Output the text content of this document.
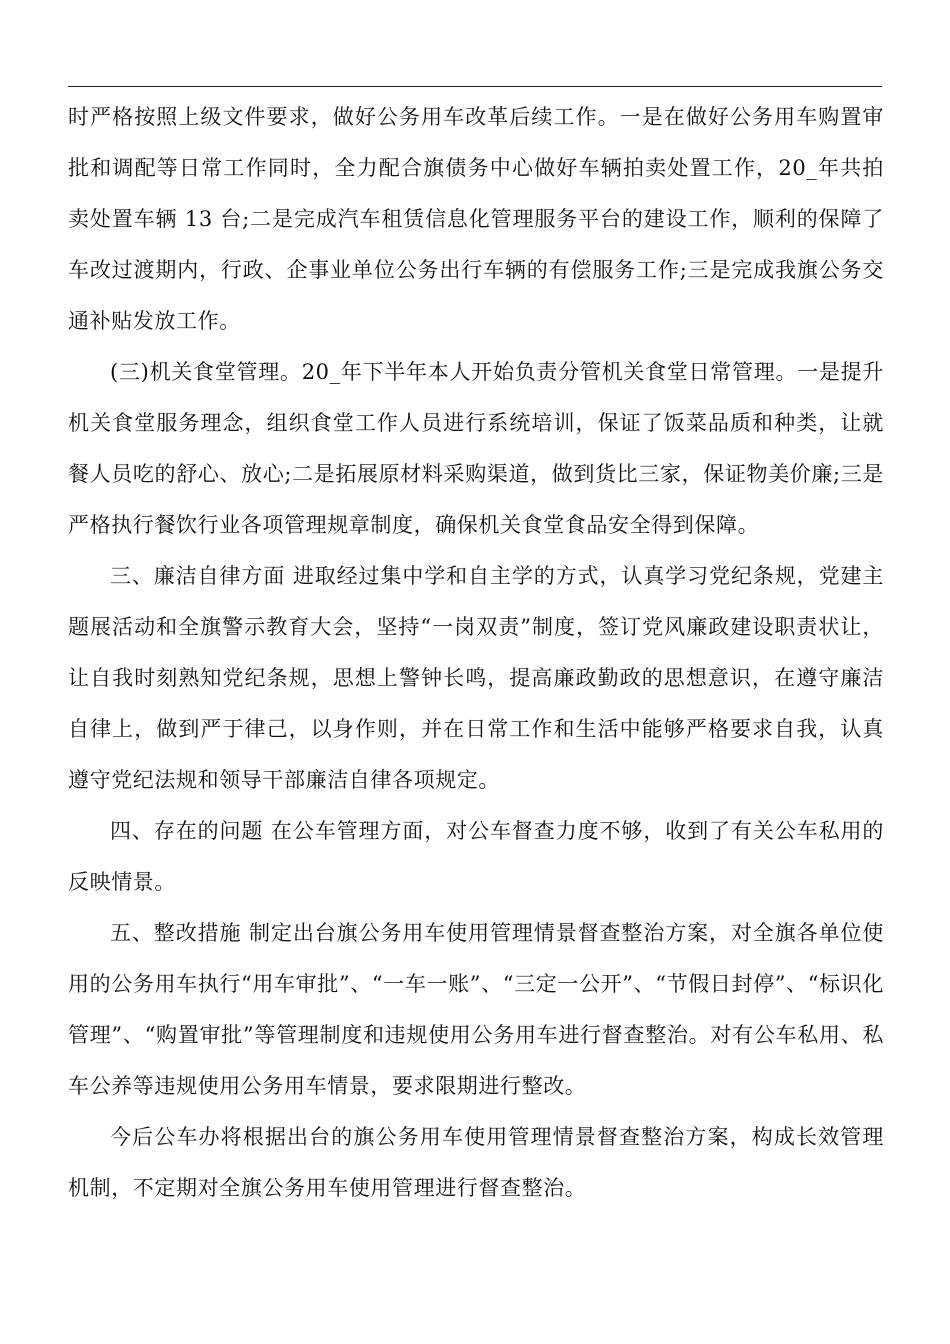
时严格按照上级文件要求，做好公务用车改革后续工作。一是在做好公务用车购置审批和调配等日常工作同时，全力配合旗债务中心做好车辆拍卖处置工作，20_年共拍卖处置车辆 13 台;二是完成汽车租赁信息化管理服务平台的建设工作，顺利的保障了车改过渡期内，行政、企事业单位公务出行车辆的有偿服务工作;三是完成我旗公务交通补贴发放工作。

(三)机关食堂管理。20_年下半年本人开始负责分管机关食堂日常管理。一是提升机关食堂服务理念，组织食堂工作人员进行系统培训，保证了饭菜品质和种类，让就餐人员吃的舒心、放心;二是拓展原材料采购渠道，做到货比三家，保证物美价廉;三是严格执行餐饮行业各项管理规章制度，确保机关食堂食品安全得到保障。

三、廉洁自律方面 进取经过集中学和自主学的方式，认真学习党纪条规，党建主题展活动和全旗警示教育大会，坚持“一岗双责”制度，签订党风廉政建设职责状让，让自我时刻熟知党纪条规，思想上警钟长鸣，提高廉政勤政的思想意识，在遵守廉洁自律上，做到严于律己，以身作则，并在日常工作和生活中能够严格要求自我，认真遵守党纪法规和领导干部廉洁自律各项规定。

四、存在的问题 在公车管理方面，对公车督查力度不够，收到了有关公车私用的反映情景。

五、整改措施 制定出台旗公务用车使用管理情景督查整治方案，对全旗各单位使用的公务用车执行“用车审批”、“一车一账”、“三定一公开”、“节假日封停”、“标识化管理”、“购置审批”等管理制度和违规使用公务用车进行督查整治。对有公车私用、私车公养等违规使用公务用车情景，要求限期进行整改。

今后公车办将根据出台的旗公务用车使用管理情景督查整治方案，构成长效管理机制，不定期对全旗公务用车使用管理进行督查整治。
